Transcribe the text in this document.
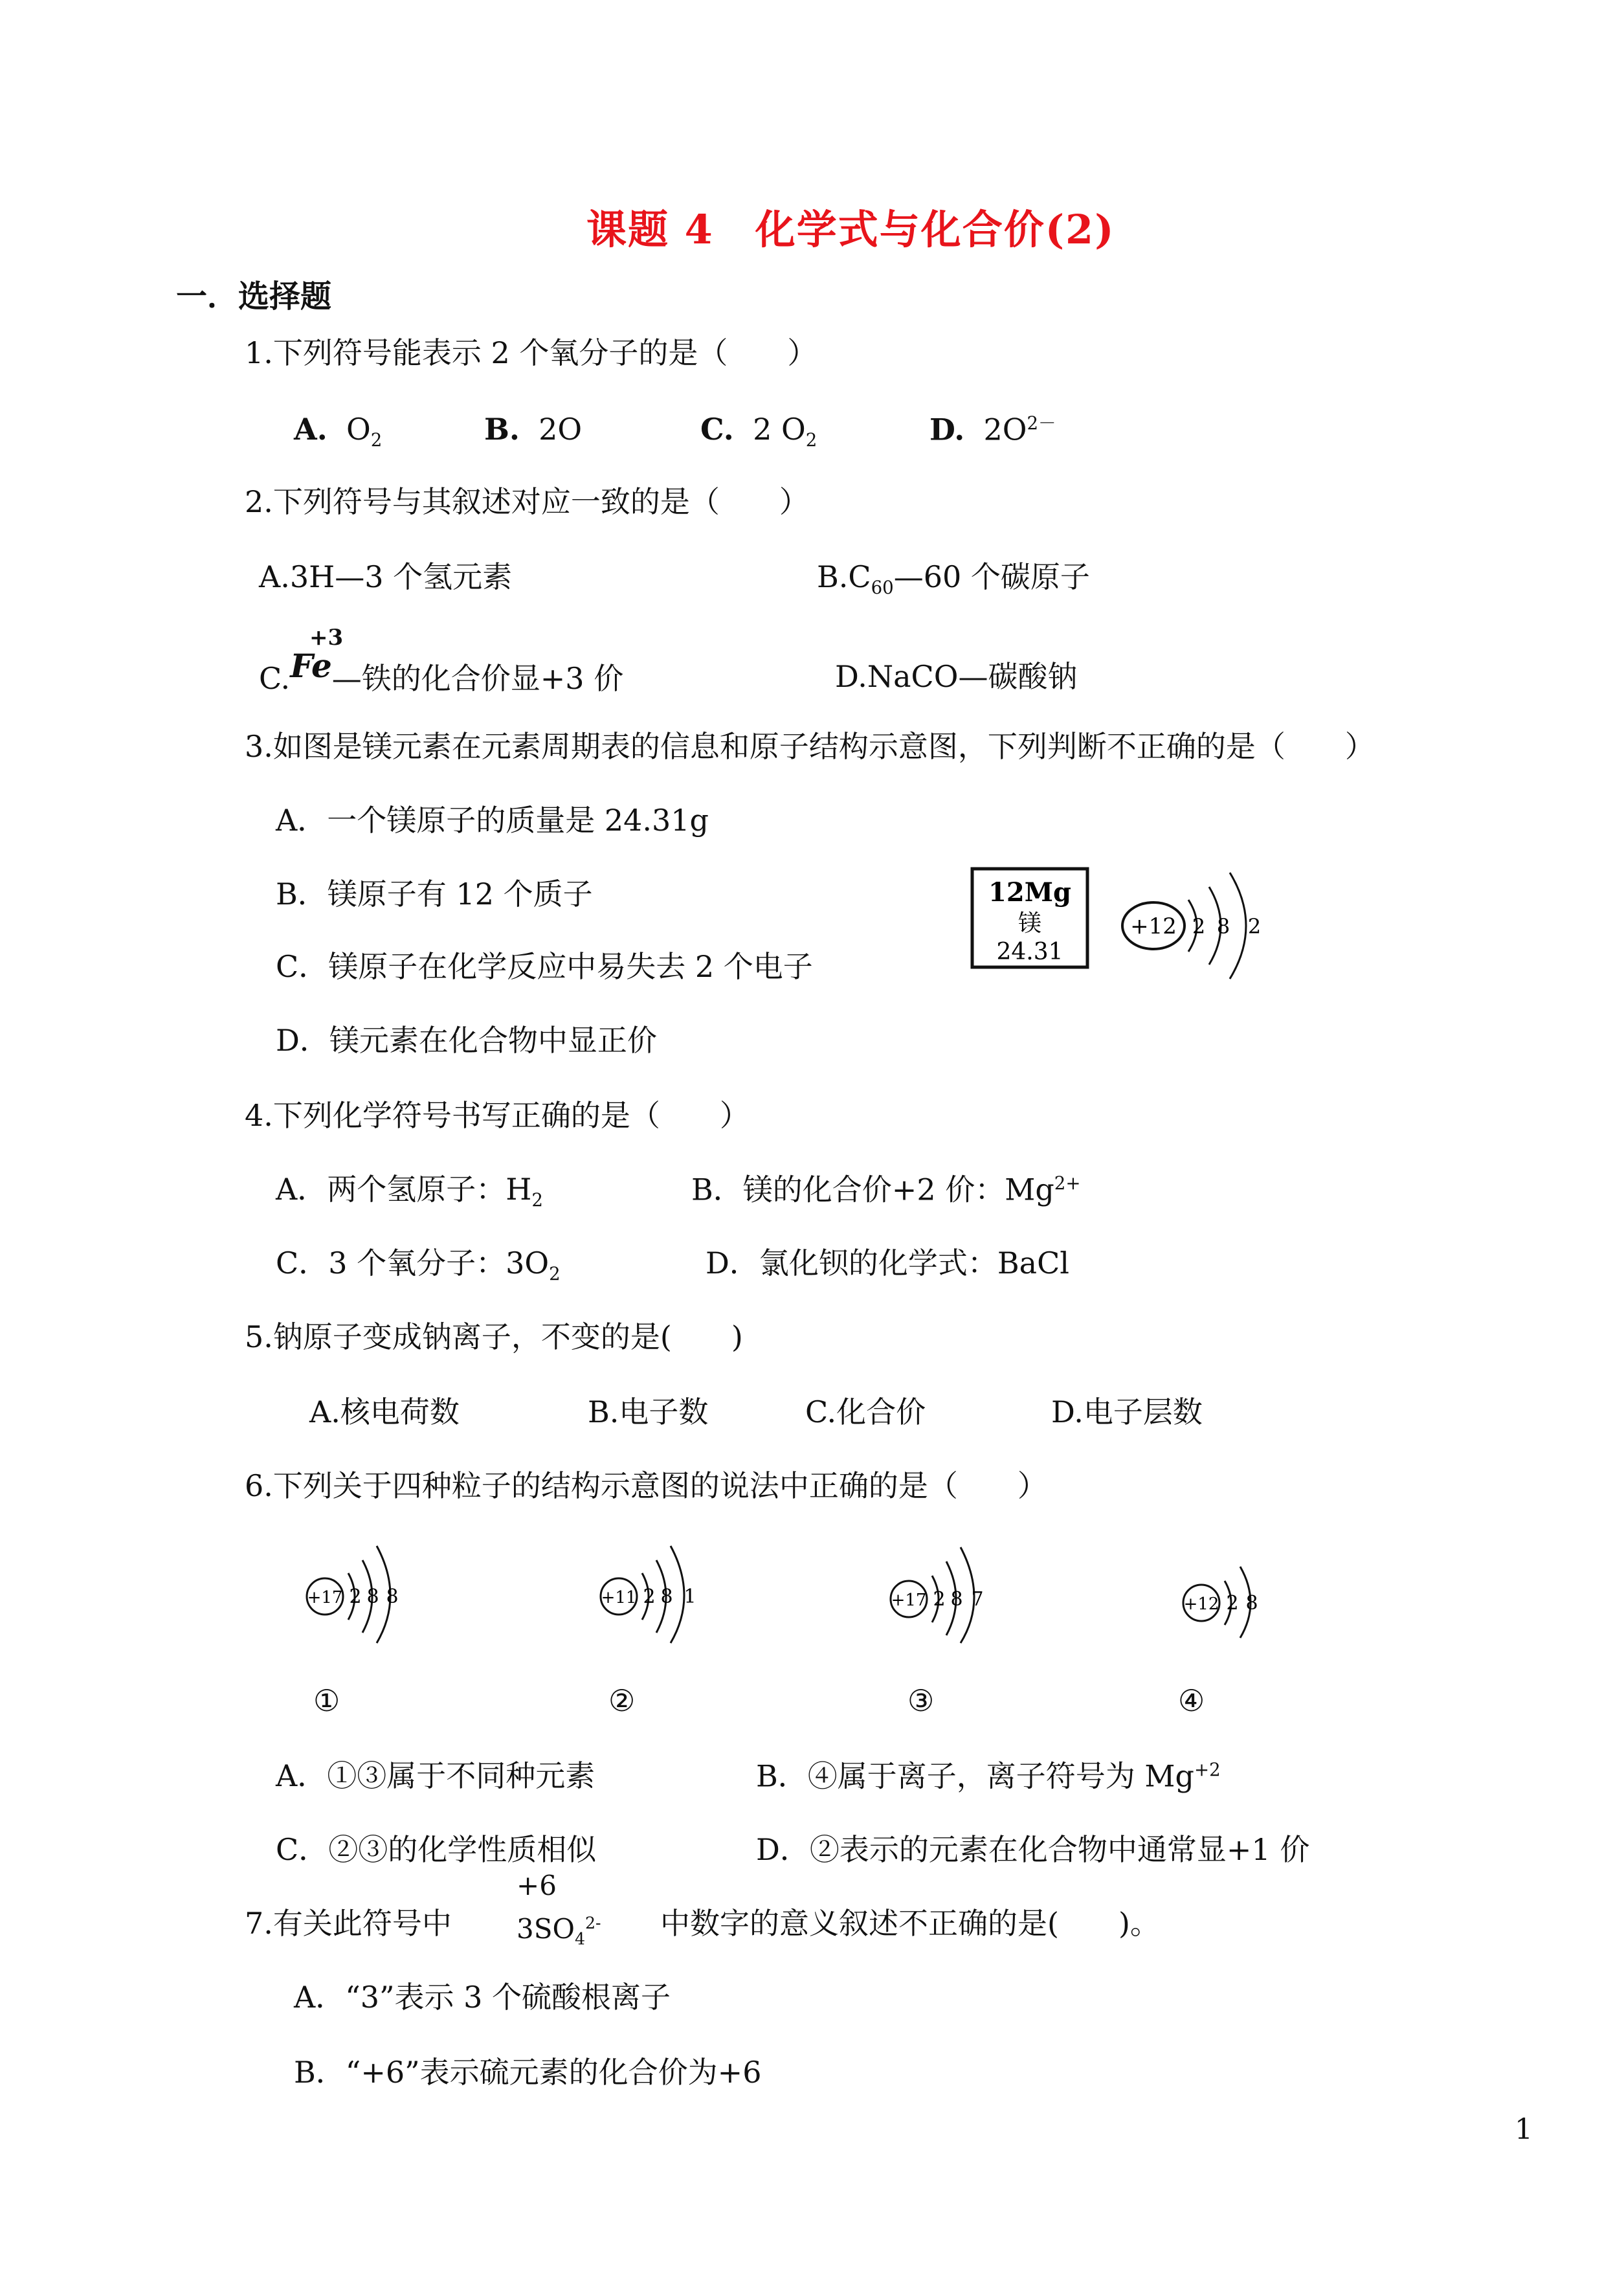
课题 4　化学式与化合价(2)
一．选择题
1.下列符号能表示 2 个氧分子的是（　　）
A. $O_2$	B. 2O	C. 2 $O_2$	D. $2O^{2-}$
2.下列符号与其叙述对应一致的是（　　）
A.3H—3 个氢元素	$B.C_{60}—60$ 个碳原子
C.Fe—铁的化合价显+3 价
+3
D.NaCO—碳酸钠
3.如图是镁元素在元素周期表的信息和原子结构示意图，下列判断不正确的是（　　）
A．一个镁原子的质量是 24.31g
B．镁原子有 12 个质子
C．镁原子在化学反应中易失去 2 个电子
D．镁元素在化合物中显正价
12Mg
镁
24.31
+12 2 8 2
4.下列化学符号书写正确的是（　　）
A．两个氢原子：$H_2$	B．镁的化合价+2 价：$Mg^{2+}$
C．3 个氧分子：$3O_2$	D．氯化钡的化学式：BaCl
5.钠原子变成钠离子，不变的是(　　)
A.核电荷数	B.电子数	C.化合价	D.电子层数
6.下列关于四种粒子的结构示意图的说法中正确的是（　　）
+17 2 8 8	+11 2 8 1	+17 2 8 7	+12 2 8
①	②	③	④
A．①③属于不同种元素	B．④属于离子，离子符号为 $Mg^{+2}$
C．②③的化学性质相似	D．②表示的元素在化合物中通常显+1 价
7.有关此符号中
+6
$3SO_4^{2-}$ 中数字的意义叙述不正确的是(　　)。
A．“3”表示 3 个硫酸根离子
B．“+6”表示硫元素的化合价为+6
1
